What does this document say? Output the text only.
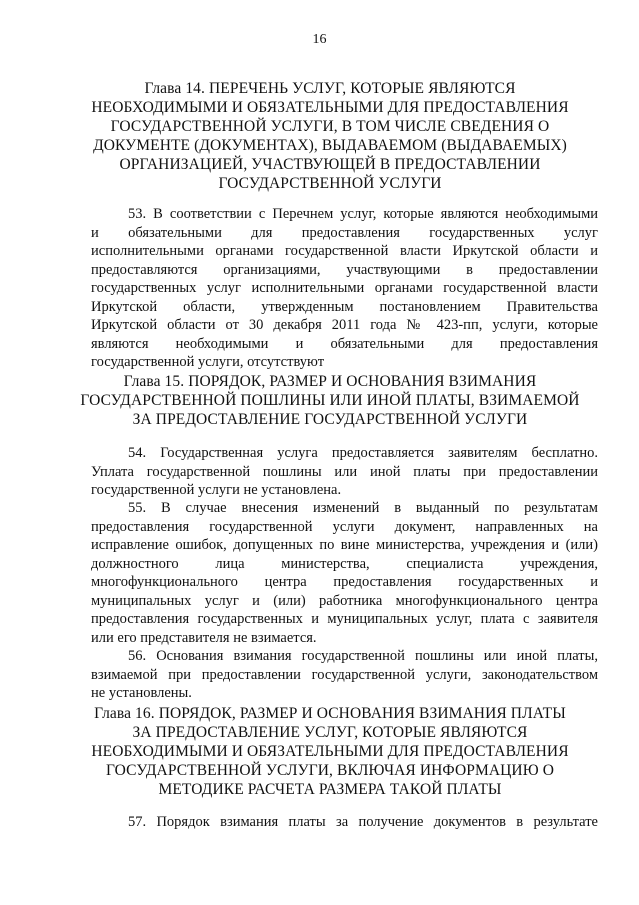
16
Глава 14. ПЕРЕЧЕНЬ УСЛУГ, КОТОРЫЕ ЯВЛЯЮТСЯ
НЕОБХОДИМЫМИ И ОБЯЗАТЕЛЬНЫМИ ДЛЯ ПРЕДОСТАВЛЕНИЯ
ГОСУДАРСТВЕННОЙ УСЛУГИ, В ТОМ ЧИСЛЕ СВЕДЕНИЯ О
ДОКУМЕНТЕ (ДОКУМЕНТАХ), ВЫДАВАЕМОМ (ВЫДАВАЕМЫХ)
ОРГАНИЗАЦИЕЙ, УЧАСТВУЮЩЕЙ В ПРЕДОСТАВЛЕНИИ
ГОСУДАРСТВЕННОЙ УСЛУГИ
53. В соответствии с Перечнем услуг, которые являются необходимыми
и обязательными для предоставления государственных услуг
исполнительными органами государственной власти Иркутской области и
предоставляются организациями, участвующими в предоставлении
государственных услуг исполнительными органами государственной власти
Иркутской области, утвержденным постановлением Правительства
Иркутской области от 30 декабря 2011 года № 423-пп, услуги, которые
являются необходимыми и обязательными для предоставления
государственной услуги, отсутствуют
Глава 15. ПОРЯДОК, РАЗМЕР И ОСНОВАНИЯ ВЗИМАНИЯ
ГОСУДАРСТВЕННОЙ ПОШЛИНЫ ИЛИ ИНОЙ ПЛАТЫ, ВЗИМАЕМОЙ
ЗА ПРЕДОСТАВЛЕНИЕ ГОСУДАРСТВЕННОЙ УСЛУГИ
54. Государственная услуга предоставляется заявителям бесплатно.
Уплата государственной пошлины или иной платы при предоставлении
государственной услуги не установлена.
55. В случае внесения изменений в выданный по результатам
предоставления государственной услуги документ, направленных на
исправление ошибок, допущенных по вине министерства, учреждения и (или)
должностного лица министерства, специалиста учреждения,
многофункционального центра предоставления государственных и
муниципальных услуг и (или) работника многофункционального центра
предоставления государственных и муниципальных услуг, плата с заявителя
или его представителя не взимается.
56. Основания взимания государственной пошлины или иной платы,
взимаемой при предоставлении государственной услуги, законодательством
не установлены.
Глава 16. ПОРЯДОК, РАЗМЕР И ОСНОВАНИЯ ВЗИМАНИЯ ПЛАТЫ
ЗА ПРЕДОСТАВЛЕНИЕ УСЛУГ, КОТОРЫЕ ЯВЛЯЮТСЯ
НЕОБХОДИМЫМИ И ОБЯЗАТЕЛЬНЫМИ ДЛЯ ПРЕДОСТАВЛЕНИЯ
ГОСУДАРСТВЕННОЙ УСЛУГИ, ВКЛЮЧАЯ ИНФОРМАЦИЮ О
МЕТОДИКЕ РАСЧЕТА РАЗМЕРА ТАКОЙ ПЛАТЫ
57. Порядок взимания платы за получение документов в результате
